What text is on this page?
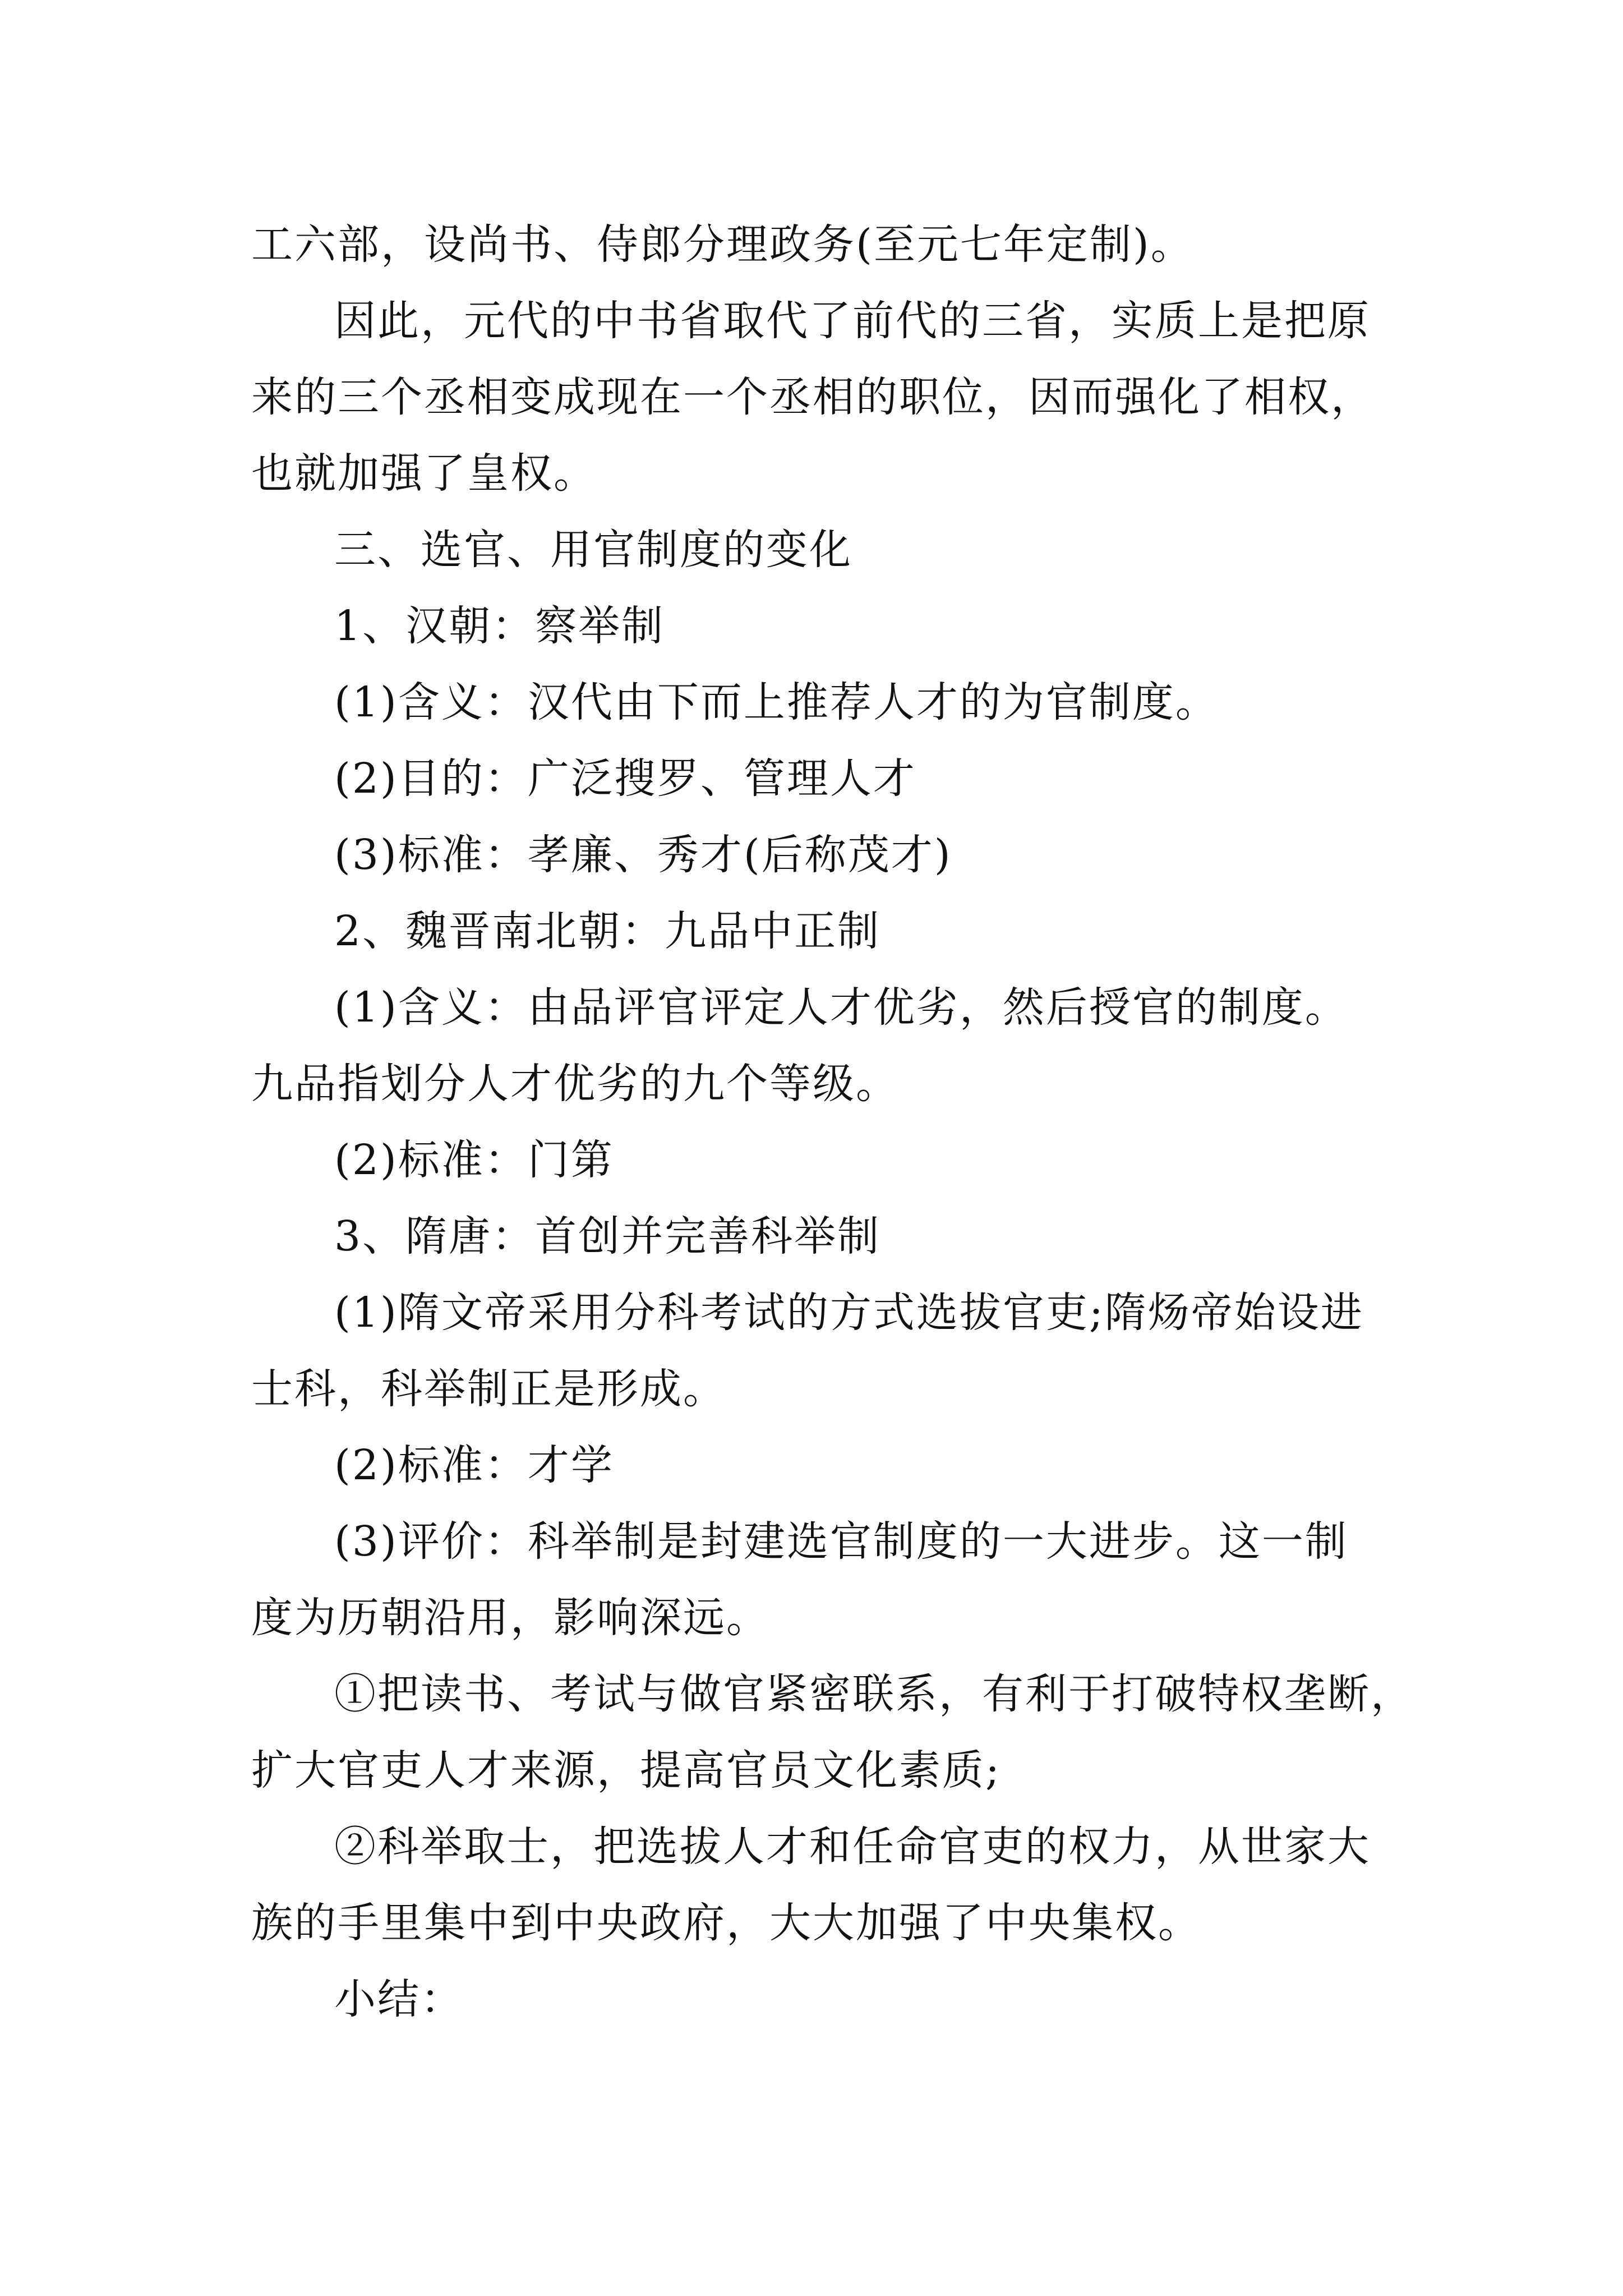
工六部，设尚书、侍郎分理政务(至元七年定制)。
因此，元代的中书省取代了前代的三省，实质上是把原
来的三个丞相变成现在一个丞相的职位，因而强化了相权，
也就加强了皇权。
三、选官、用官制度的变化
1、汉朝：察举制
(1)含义：汉代由下而上推荐人才的为官制度。
(2)目的：广泛搜罗、管理人才
(3)标准：孝廉、秀才(后称茂才)
2、魏晋南北朝：九品中正制
(1)含义：由品评官评定人才优劣，然后授官的制度。
九品指划分人才优劣的九个等级。
(2)标准：门第
3、隋唐：首创并完善科举制
(1)隋文帝采用分科考试的方式选拔官吏;隋炀帝始设进
士科，科举制正是形成。
(2)标准：才学
(3)评价：科举制是封建选官制度的一大进步。这一制
度为历朝沿用，影响深远。
①把读书、考试与做官紧密联系，有利于打破特权垄断，
扩大官吏人才来源，提高官员文化素质;
②科举取士，把选拔人才和任命官吏的权力，从世家大
族的手里集中到中央政府，大大加强了中央集权。
小结：
